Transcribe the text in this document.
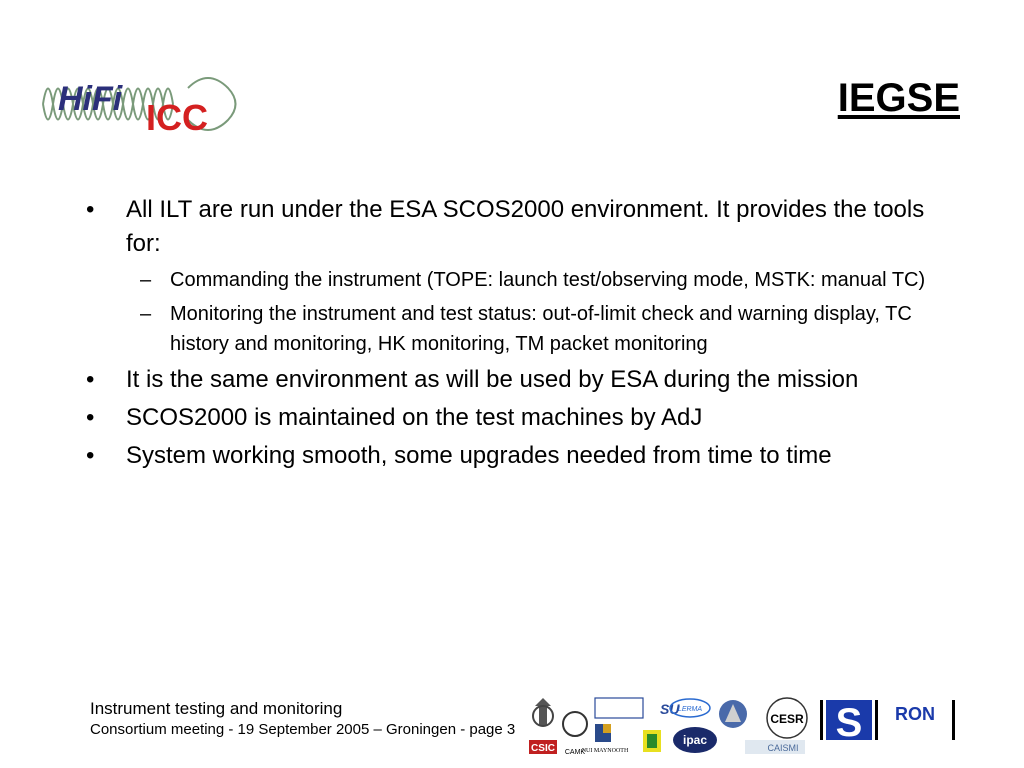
HiFi ICC	IEGSE
• All ILT are run under the ESA SCOS2000 environment. It provides the tools for:
– Commanding the instrument (TOPE: launch test/observing mode, MSTK: manual TC)
– Monitoring the instrument and test status: out-of-limit check and warning display, TC history and monitoring, HK monitoring, TM packet monitoring
• It is the same environment as will be used by ESA during the mission
• SCOS2000 is maintained on the test machines by AdJ
• System working smooth, some upgrades needed from time to time
Instrument testing and monitoring
Consortium meeting - 19 September 2005 – Groningen - page 3
CSIC CAMK
NUI MAYNOOTH
SU
LERMA
ipac
CESR
CAISMI
S RON
